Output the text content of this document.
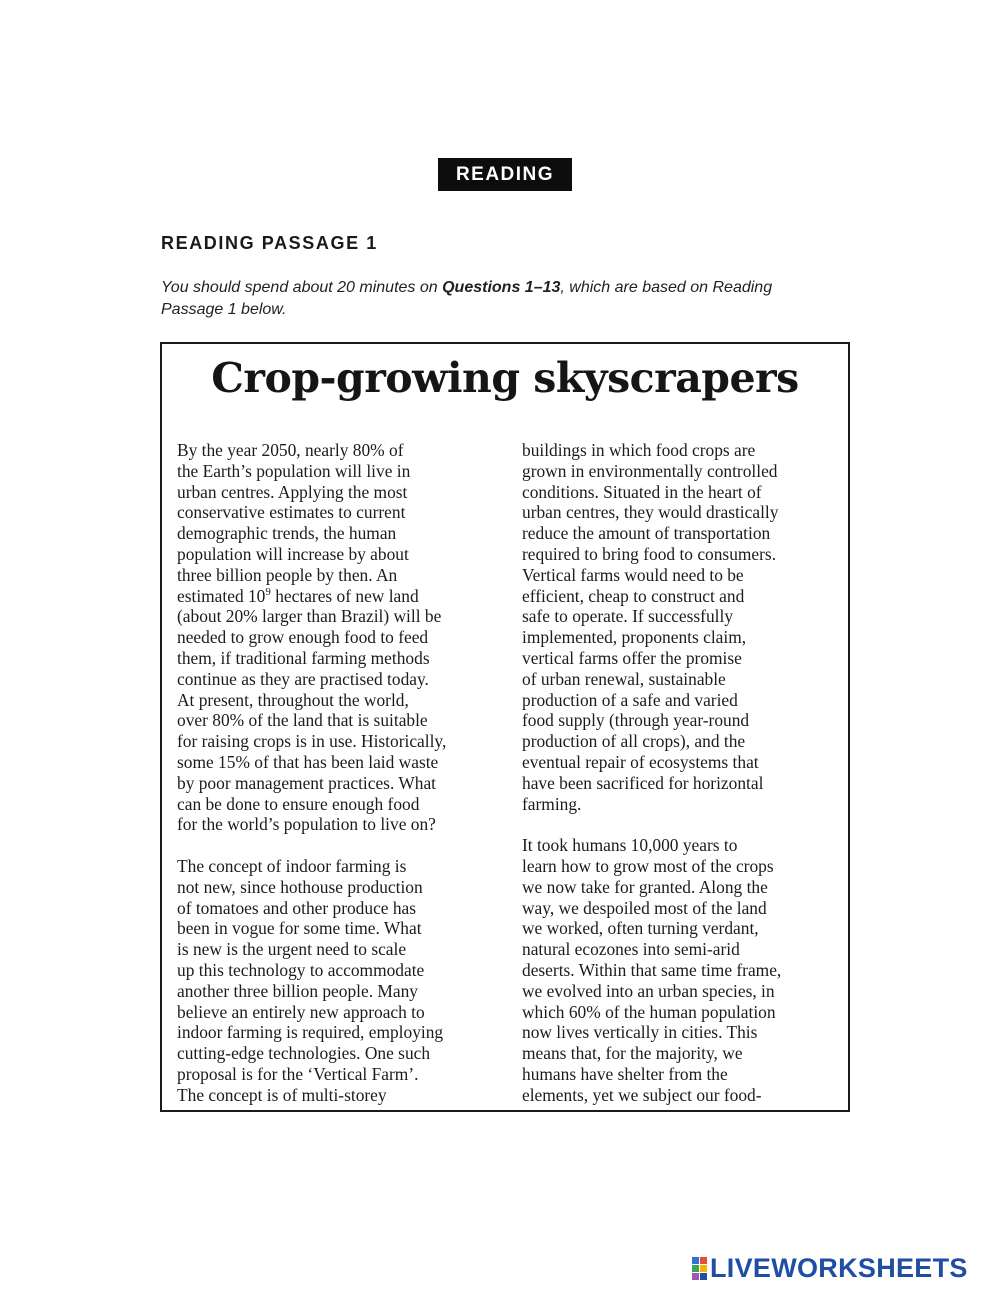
READING
READING PASSAGE 1
You should spend about 20 minutes on Questions 1–13, which are based on Reading
Passage 1 below.
Crop-growing skyscrapers
By the year 2050, nearly 80% of
the Earth’s population will live in
urban centres. Applying the most
conservative estimates to current
demographic trends, the human
population will increase by about
three billion people by then. An
estimated $10^9$ hectares of new land
(about 20% larger than Brazil) will be
needed to grow enough food to feed
them, if traditional farming methods
continue as they are practised today.
At present, throughout the world,
over 80% of the land that is suitable
for raising crops is in use. Historically,
some 15% of that has been laid waste
by poor management practices. What
can be done to ensure enough food
for the world’s population to live on?
The concept of indoor farming is
not new, since hothouse production
of tomatoes and other produce has
been in vogue for some time. What
is new is the urgent need to scale
up this technology to accommodate
another three billion people. Many
believe an entirely new approach to
indoor farming is required, employing
cutting-edge technologies. One such
proposal is for the ‘Vertical Farm’.
The concept is of multi-storey
buildings in which food crops are
grown in environmentally controlled
conditions. Situated in the heart of
urban centres, they would drastically
reduce the amount of transportation
required to bring food to consumers.
Vertical farms would need to be
efficient, cheap to construct and
safe to operate. If successfully
implemented, proponents claim,
vertical farms offer the promise
of urban renewal, sustainable
production of a safe and varied
food supply (through year-round
production of all crops), and the
eventual repair of ecosystems that
have been sacrificed for horizontal
farming.
It took humans 10,000 years to
learn how to grow most of the crops
we now take for granted. Along the
way, we despoiled most of the land
we worked, often turning verdant,
natural ecozones into semi-arid
deserts. Within that same time frame,
we evolved into an urban species, in
which 60% of the human population
now lives vertically in cities. This
means that, for the majority, we
humans have shelter from the
elements, yet we subject our food-
LIVEWORKSHEETS
